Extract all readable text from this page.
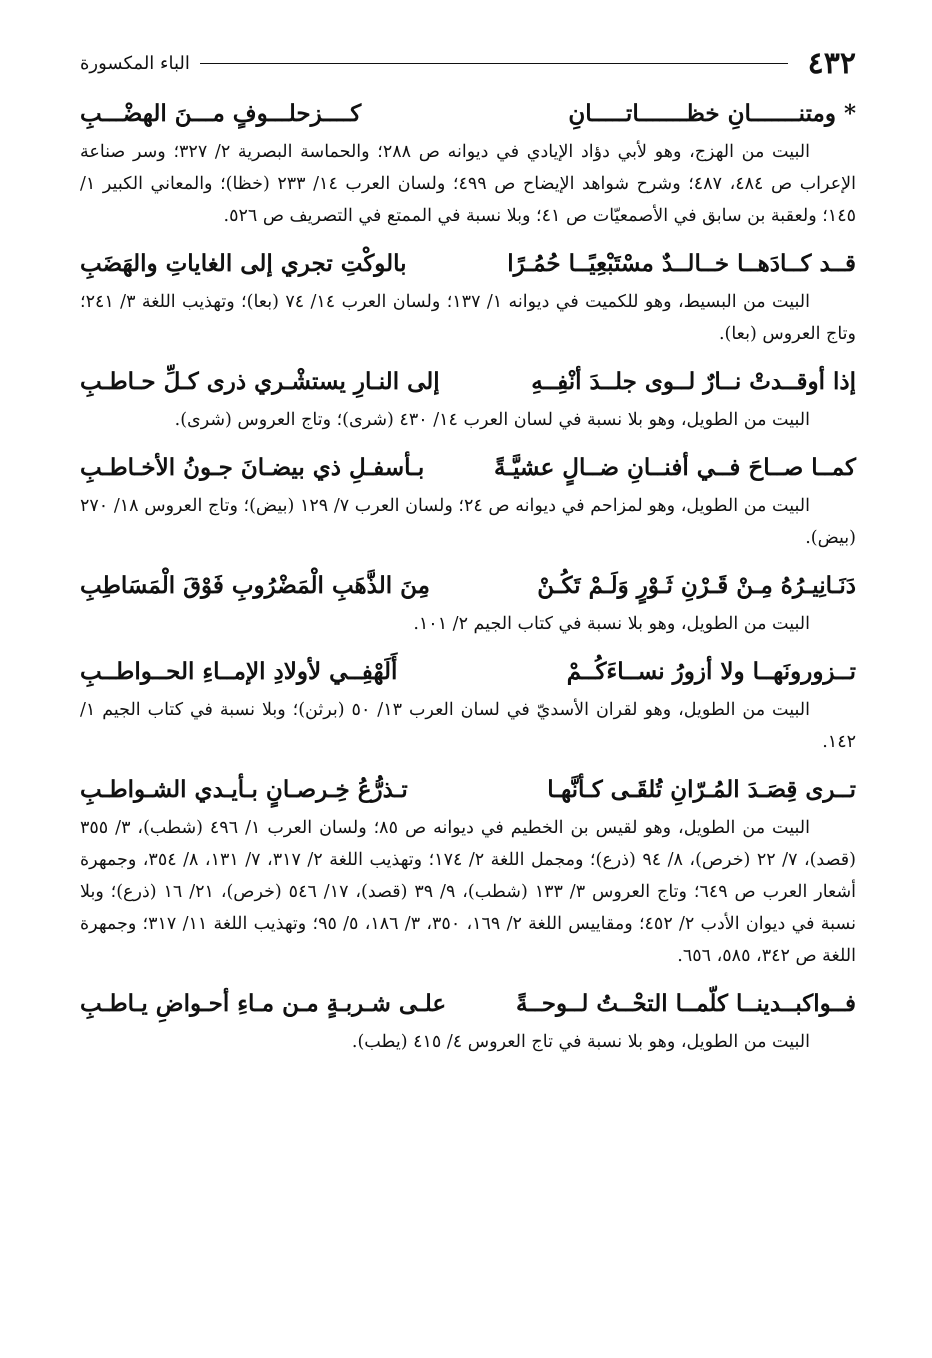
٤٣٢
الباء المكسورة
* ومتنـــــــانِ خظـــــــاتـــــانِ
كــــزحلـــوفٍ مـــنَ الهضْـــبِ

البيت من الهزج، وهو لأبي دؤاد الإيادي في ديوانه ص ٢٨٨؛ والحماسة البصرية ٢/ ٣٢٧؛ وسر صناعة الإعراب ص ٤٨٤، ٤٨٧؛ وشرح شواهد الإيضاح ص ٤٩٩؛ ولسان العرب ١٤/ ٢٣٣ (خظا)؛ والمعاني الكبير ١/ ١٤٥؛ ولعقبة بن سابق في الأصمعيّات ص ٤١؛ وبلا نسبة في الممتع في التصريف ص ٥٢٦.

قــد كــادَهــا خــالــدٌ مسْتَبْعِيًــا حُمُـرًا
بالوكْتِ تجري إلى الغاياتِ والهَضَبِ

البيت من البسيط، وهو للكميت في ديوانه ١/ ١٣٧؛ ولسان العرب ١٤/ ٧٤ (بعا)؛ وتهذيب اللغة ٣/ ٢٤١؛ وتاج العروس (بعا).

إذا أوقــدتْ نــارٌ لــوى جلــدَ أنْفِــهِ
إلى النـارِ يستشْـري ذرى كـلِّ حـاطـبِ

البيت من الطويل، وهو بلا نسبة في لسان العرب ١٤/ ٤٣٠ (شرى)؛ وتاج العروس (شرى).

كمــا صــاحَ فــي أفنــانِ ضــالٍ عشيَّـةً
بـأسفـلِ ذي بيضـانَ جـونُ الأخـاطـبِ

البيت من الطويل، وهو لمزاحم في ديوانه ص ٢٤؛ ولسان العرب ٧/ ١٢٩ (بيض)؛ وتاج العروس ١٨/ ٢٧٠ (بيض).

دَنَـانِيـرُهُ مِـنْ قَـرْنِ ثَـوْرٍ وَلَـمْ تَكُـنْ
مِنَ الذَّهَبِ الْمَضْرُوبِ فَوْقَ الْمَسَاطِبِ

البيت من الطويل، وهو بلا نسبة في كتاب الجيم ٢/ ١٠١.

تــزورونَهــا ولا أزورُ نســاءَكُــمْ
أَلَهْفِــي لأولادِ الإمــاءِ الحــواطــبِ

البيت من الطويل، وهو لقران الأسديّ في لسان العرب ١٣/ ٥٠ (برثن)؛ وبلا نسبة في كتاب الجيم ١/ ١٤٢.

تــرى قِصَـدَ المُـرّانِ تُلقَـى كـأنَّهـا
تـذرُّعُ خِـرصـانٍ بـأيـدي الشـواطـبِ

البيت من الطويل، وهو لقيس بن الخطيم في ديوانه ص ٨٥؛ ولسان العرب ١/ ٤٩٦ (شطب)، ٣/ ٣٥٥ (قصد)، ٧/ ٢٢ (خرص)، ٨/ ٩٤ (ذرع)؛ ومجمل اللغة ٢/ ١٧٤؛ وتهذيب اللغة ٢/ ٣١٧، ٧/ ١٣١، ٨/ ٣٥٤، وجمهرة أشعار العرب ص ٦٤٩؛ وتاج العروس ٣/ ١٣٣ (شطب)، ٩/ ٣٩ (قصد)، ١٧/ ٥٤٦ (خرص)، ٢١/ ١٦ (ذرع)؛ وبلا نسبة في ديوان الأدب ٢/ ٤٥٢؛ ومقاييس اللغة ٢/ ١٦٩، ٣٥٠، ٣/ ١٨٦، ٥/ ٩٥؛ وتهذيب اللغة ١١/ ٣١٧؛ وجمهرة اللغة ص ٣٤٢، ٥٨٥، ٦٥٦.

فــواكبــدينــا كلّمــا التحْــتُ لــوحــةً
علـى شـربـةٍ مـن مـاءِ أحـواضِ يـاطـبِ

البيت من الطويل، وهو بلا نسبة في تاج العروس ٤/ ٤١٥ (يطب).
